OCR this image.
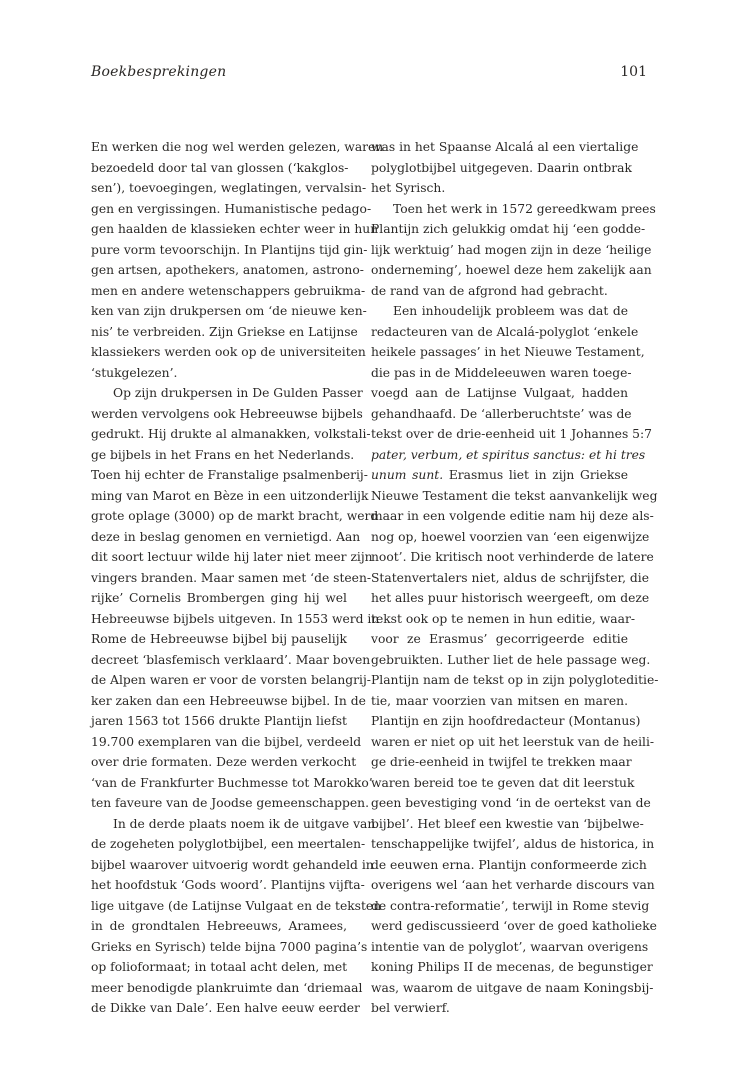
Boekbesprekingen	101
En werken die nog wel werden gelezen, waren
bezoedeld door tal van glossen (‘kakglos-
sen’), toevoegingen, weglatingen, vervalsin-
gen en vergissingen. Humanistische pedago-
gen haalden de klassieken echter weer in hun
pure vorm tevoorschijn. In Plantijns tijd gin-
gen artsen, apothekers, anatomen, astrono-
men en andere wetenschappers gebruikma-
ken van zijn drukpersen om ‘de nieuwe ken-
nis’ te verbreiden. Zijn Griekse en Latijnse
klassiekers werden ook op de universiteiten
‘stukgelezen’.
Op zijn drukpersen in De Gulden Passer
werden vervolgens ook Hebreeuwse bijbels
gedrukt. Hij drukte al almanakken, volkstali-
ge bijbels in het Frans en het Nederlands.
Toen hij echter de Franstalige psalmenberij-
ming van Marot en Bèze in een uitzonderlijk
grote oplage (3000) op de markt bracht, werd
deze in beslag genomen en vernietigd. Aan
dit soort lectuur wilde hij later niet meer zijn
vingers branden. Maar samen met ‘de steen-
rijke’ Cornelis Brombergen ging hij wel
Hebreeuwse bijbels uitgeven. In 1553 werd in
Rome de Hebreeuwse bijbel bij pauselijk
decreet ‘blasfemisch verklaard’. Maar boven
de Alpen waren er voor de vorsten belangrij-
ker zaken dan een Hebreeuwse bijbel. In de
jaren 1563 tot 1566 drukte Plantijn liefst
19.700 exemplaren van die bijbel, verdeeld
over drie formaten. Deze werden verkocht
‘van de Frankfurter Buchmesse tot Marokko’
ten faveure van de Joodse gemeenschappen.
In de derde plaats noem ik de uitgave van
de zogeheten polyglotbijbel, een meertalen-
bijbel waarover uitvoerig wordt gehandeld in
het hoofdstuk ‘Gods woord’. Plantijns vijfta-
lige uitgave (de Latijnse Vulgaat en de teksten
in de grondtalen Hebreeuws, Aramees,
Grieks en Syrisch) telde bijna 7000 pagina’s
op folioformaat; in totaal acht delen, met
meer benodigde plankruimte dan ‘driemaal
de Dikke van Dale’. Een halve eeuw eerder
was in het Spaanse Alcalá al een viertalige
polyglotbijbel uitgegeven. Daarin ontbrak
het Syrisch.
Toen het werk in 1572 gereedkwam prees
Plantijn zich gelukkig omdat hij ‘een godde-
lijk werktuig’ had mogen zijn in deze ‘heilige
onderneming’, hoewel deze hem zakelijk aan
de rand van de afgrond had gebracht.
Een inhoudelijk probleem was dat de
redacteuren van de Alcalá-polyglot ‘enkele
heikele passages’ in het Nieuwe Testament,
die pas in de Middeleeuwen waren toege-
voegd aan de Latijnse Vulgaat, hadden
gehandhaafd. De ‘allerberuchtste’ was de
tekst over de drie-eenheid uit 1 Johannes 5:7
pater, verbum, et spiritus sanctus: et hi tres
unum sunt. Erasmus liet in zijn Griekse
Nieuwe Testament die tekst aanvankelijk weg
maar in een volgende editie nam hij deze als-
nog op, hoewel voorzien van ‘een eigenwijze
noot’. Die kritisch noot verhinderde de latere
Statenvertalers niet, aldus de schrijfster, die
het alles puur historisch weergeeft, om deze
tekst ook op te nemen in hun editie, waar-
voor ze Erasmus’ gecorrigeerde editie
gebruikten. Luther liet de hele passage weg.
Plantijn nam de tekst op in zijn polygloteditie-
tie, maar voorzien van mitsen en maren.
Plantijn en zijn hoofdredacteur (Montanus)
waren er niet op uit het leerstuk van de heili-
ge drie-eenheid in twijfel te trekken maar
waren bereid toe te geven dat dit leerstuk
geen bevestiging vond ‘in de oertekst van de
bijbel’. Het bleef een kwestie van ‘bijbelwe-
tenschappelijke twijfel’, aldus de historica, in
de eeuwen erna. Plantijn conformeerde zich
overigens wel ‘aan het verharde discours van
de contra-reformatie’, terwijl in Rome stevig
werd gediscussieerd ‘over de goed katholieke
intentie van de polyglot’, waarvan overigens
koning Philips II de mecenas, de begunstiger
was, waarom de uitgave de naam Koningsbij-
bel verwierf.
